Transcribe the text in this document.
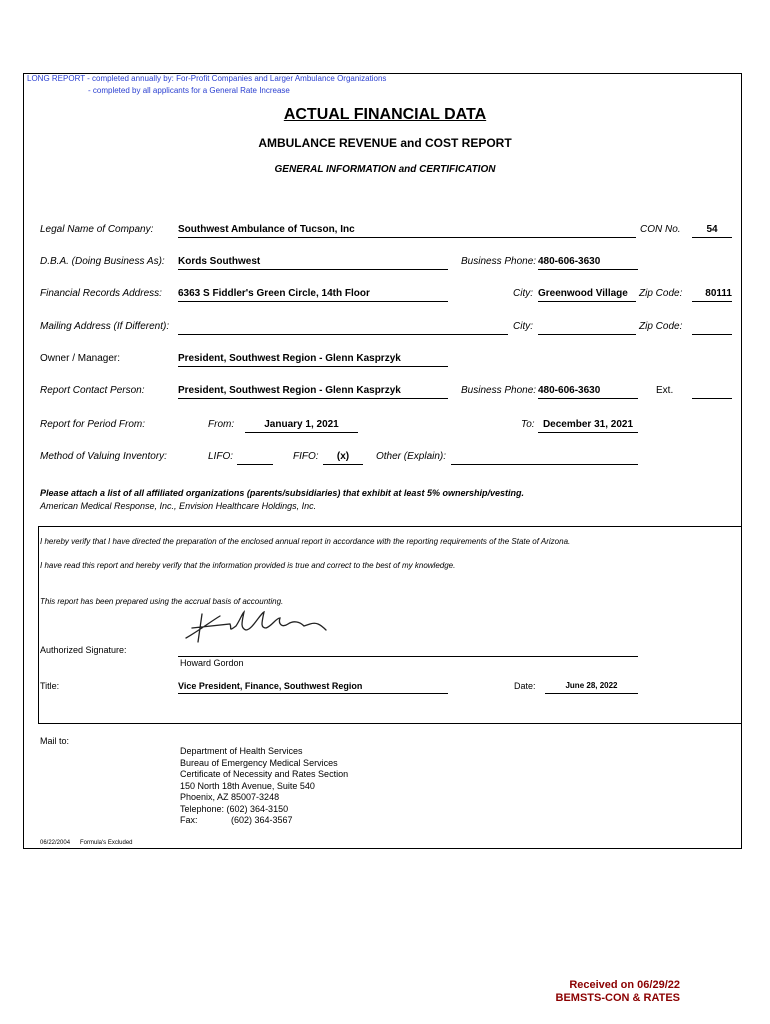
LONG REPORT - completed annually by: For-Profit Companies and Larger Ambulance Organizations
- completed by all applicants for a General Rate Increase
ACTUAL FINANCIAL DATA
AMBULANCE REVENUE and COST REPORT
GENERAL INFORMATION and CERTIFICATION
Legal Name of Company: Southwest Ambulance of Tucson, Inc	CON No.	54
D.B.A. (Doing Business As): Kords Southwest	Business Phone: 480-606-3630
Financial Records Address: 6363 S Fiddler's Green Circle, 14th Floor	City: Greenwood Village	Zip Code:	80111
Mailing Address (If Different):	City:	Zip Code:
Owner / Manager:	President, Southwest Region - Glenn Kasprzyk
Report Contact Person:	President, Southwest Region - Glenn Kasprzyk	Business Phone: 480-606-3630	Ext.
Report for Period From:	From:	January 1, 2021	To: December 31, 2021
Method of Valuing Inventory:	LIFO:	FIFO:	(x)	Other (Explain):
Please attach a list of all affiliated organizations (parents/subsidiaries) that exhibit at least 5% ownership/vesting.
American Medical Response, Inc., Envision Healthcare Holdings, Inc.
I hereby verify that I have directed the preparation of the enclosed annual report in accordance with the reporting requirements of the State of Arizona.
I have read this report and hereby verify that the information provided is true and correct to the best of my knowledge.
This report has been prepared using the accrual basis of accounting.
Authorized Signature:
Howard Gordon
Title:	Vice President, Finance, Southwest Region	Date:	June 28, 2022
Mail to:
Department of Health Services
Bureau of Emergency Medical Services
Certificate of Necessity and Rates Section
150 North 18th Avenue, Suite 540
Phoenix, AZ 85007-3248
Telephone: (602) 364-3150
Fax:	(602) 364-3567
06/22/2004 Formula's Excluded
Received on 06/29/22
BEMSTS-CON & RATES
